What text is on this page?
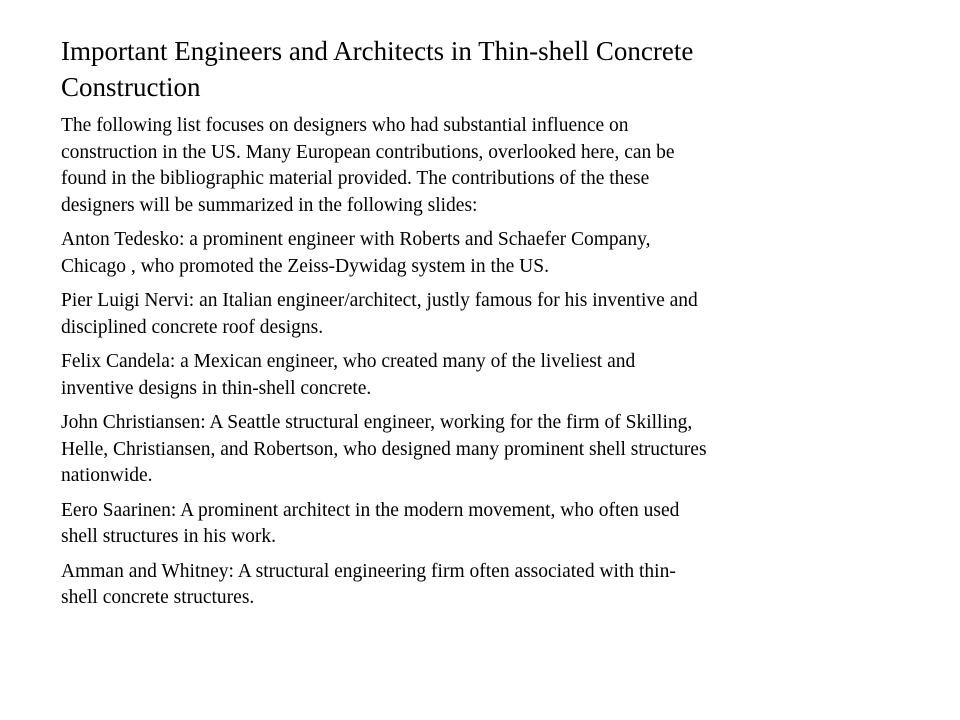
Important Engineers and Architects in Thin-shell Concrete
Construction

The following list focuses on designers who had substantial influence on
construction in the US. Many European contributions, overlooked here, can be
found in the bibliographic material provided. The contributions of the these
designers will be summarized in the following slides:

Anton Tedesko: a prominent engineer with Roberts and Schaefer Company,
Chicago , who promoted the Zeiss-Dywidag system in the US.

Pier Luigi Nervi: an Italian engineer/architect, justly famous for his inventive and
disciplined concrete roof designs.

Felix Candela: a Mexican engineer, who created many of the liveliest and
inventive designs in thin-shell concrete.

John Christiansen: A Seattle structural engineer, working for the firm of Skilling,
Helle, Christiansen, and Robertson, who designed many prominent shell structures
nationwide.

Eero Saarinen: A prominent architect in the modern movement, who often used
shell structures in his work.

Amman and Whitney: A structural engineering firm often associated with thin-
shell concrete structures.
